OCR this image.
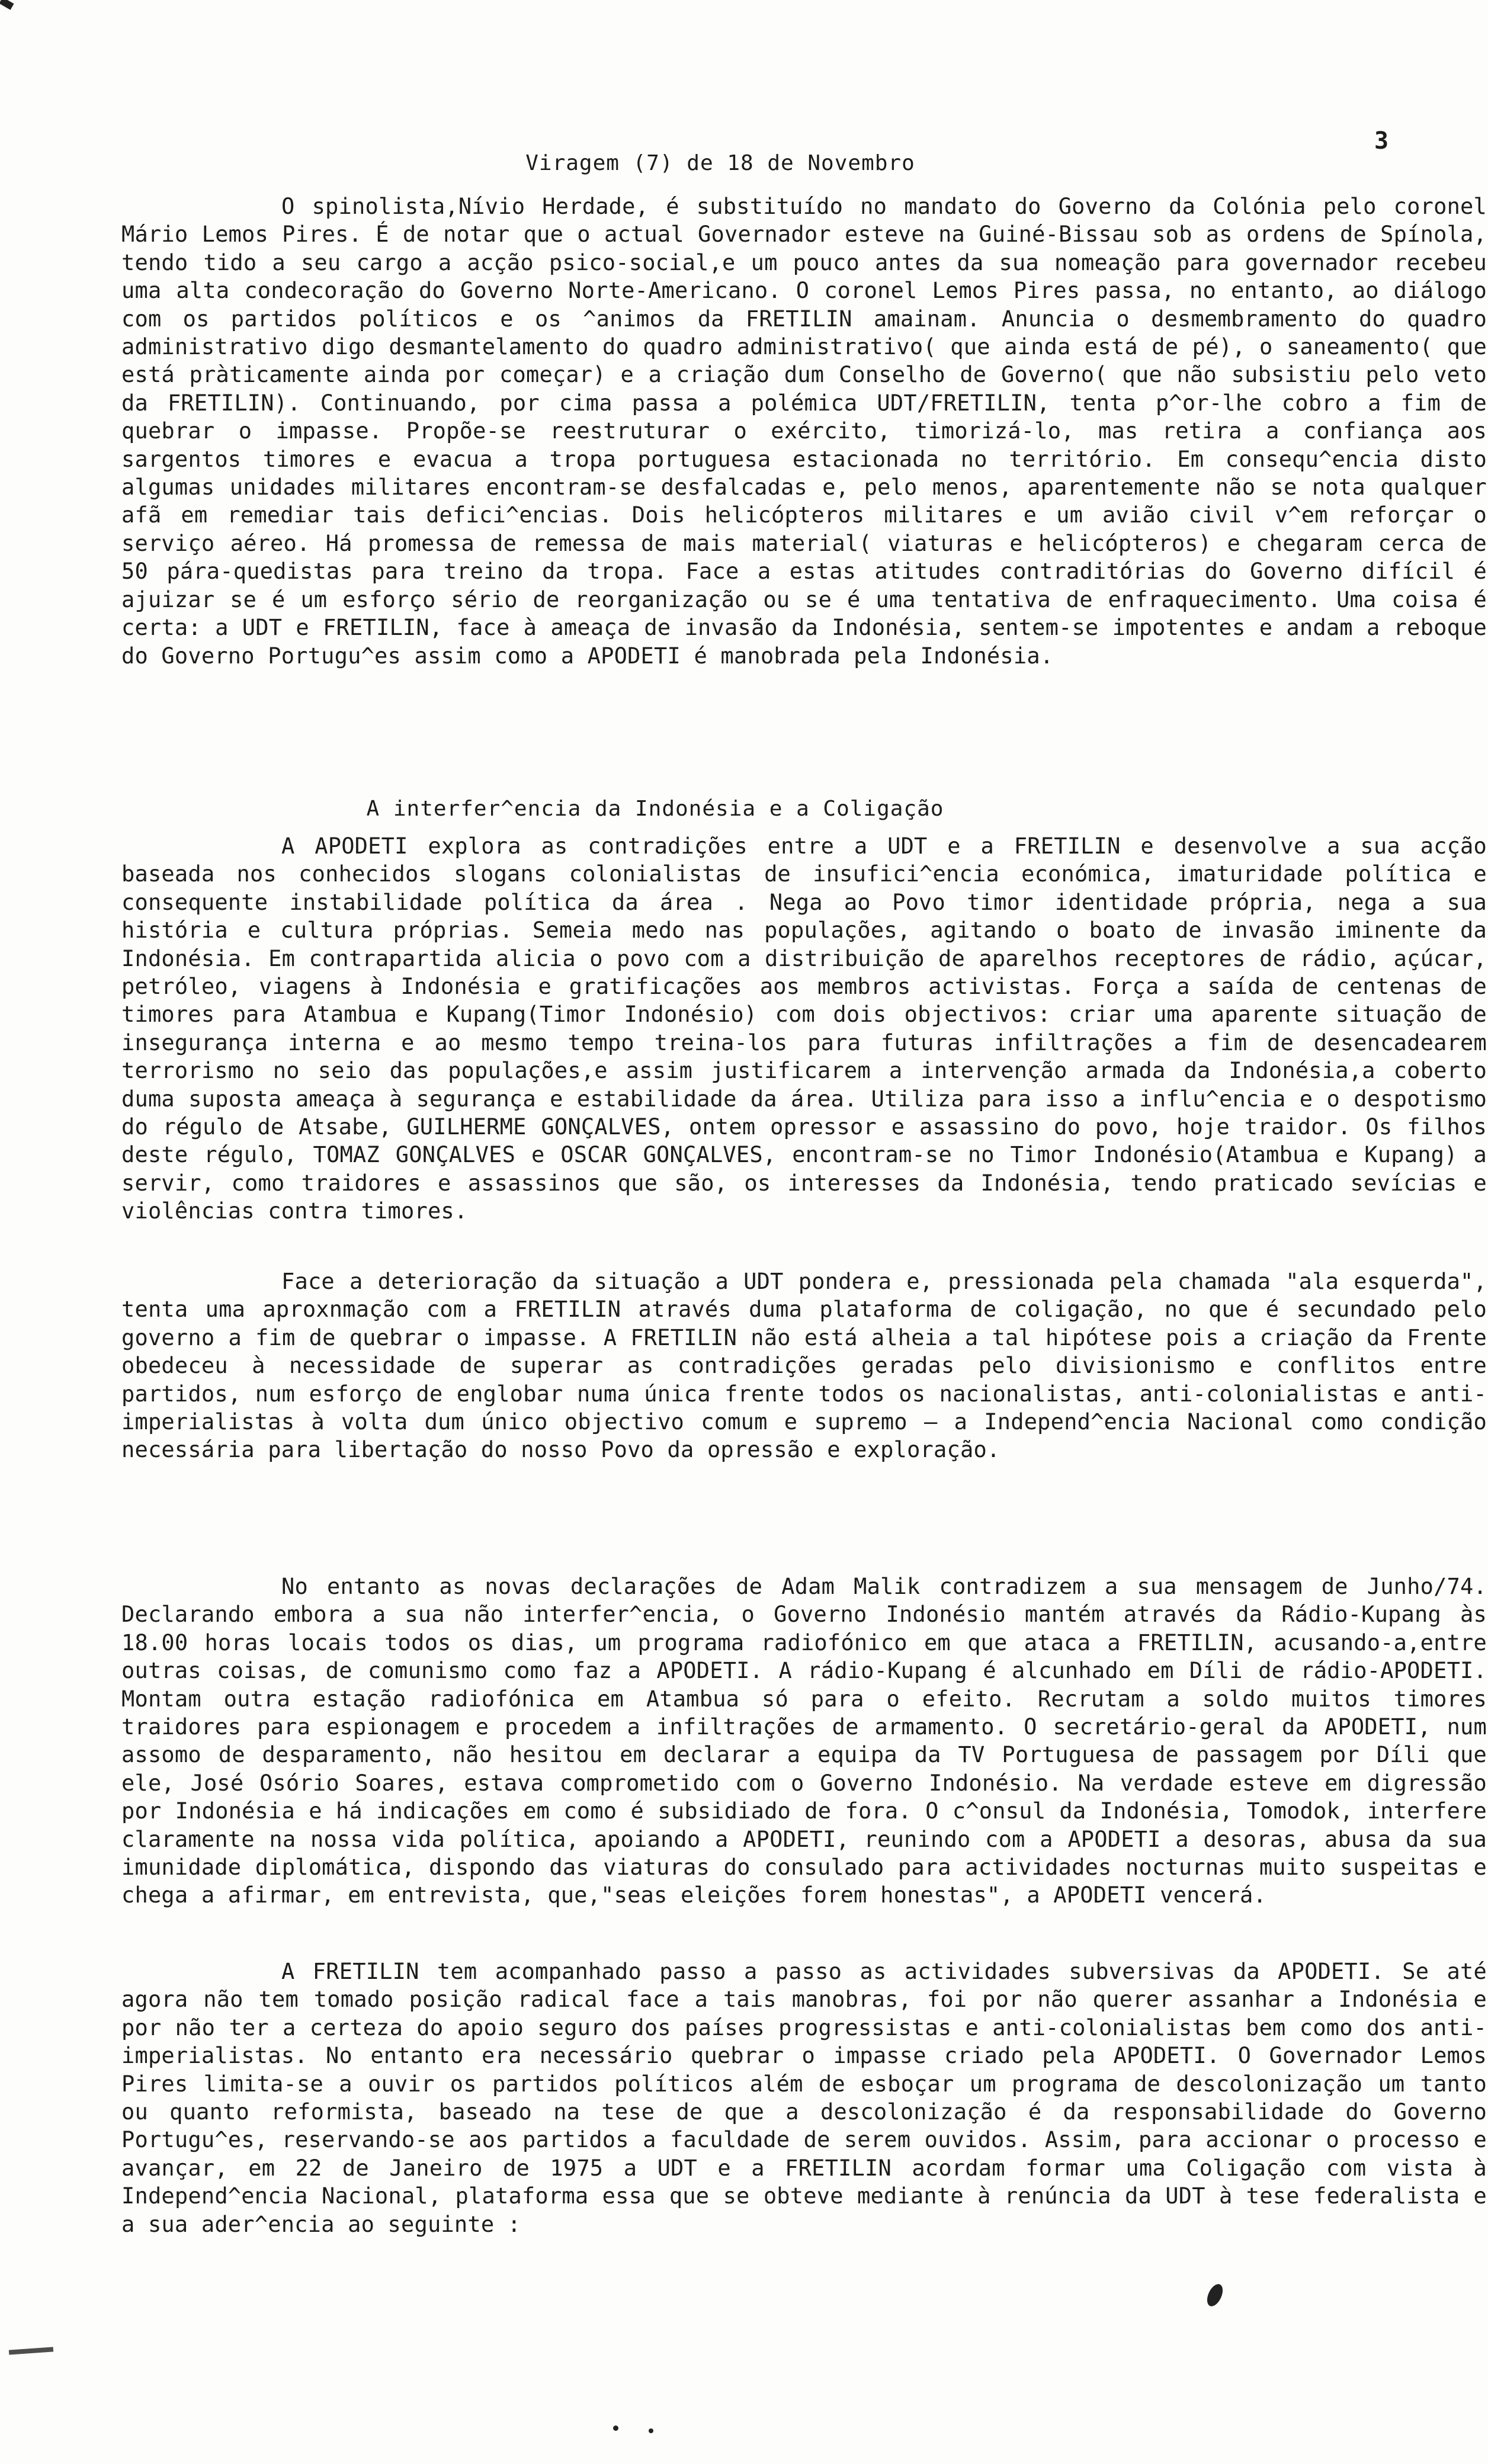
3
Viragem (7) de 18 de Novembro

O spinolista,Nívio Herdade, é substituído no mandato do Governo da Colónia pelo coronel Mário Lemos Pires. É de notar que o actual Governador esteve na Guiné-Bissau sob as ordens de Spínola, tendo tido a seu cargo a acção psico-social,e um pouco antes da sua nomeação para governador recebeu uma alta condecoração do Governo Norte-Americano. O coronel Lemos Pires passa, no entanto, ao diálogo com os partidos políticos e os ^animos da FRETILIN amainam. Anuncia o desmembramento do quadro administrativo digo desmantelamento do quadro administrativo( que ainda está de pé), o saneamento( que está pràticamente ainda por começar) e a criação dum Conselho de Governo( que não subsistiu pelo veto da FRETILIN). Continuando, por cima passa a polémica UDT/FRETILIN, tenta p^or-lhe cobro a fim de quebrar o impasse. Propõe-se reestruturar o exército, timorizá-lo, mas retira a confiança aos sargentos timores e evacua a tropa portuguesa estacionada no território. Em consequ^encia disto algumas unidades militares encontram-se desfalcadas e, pelo menos, aparentemente não se nota qualquer afã em remediar tais defici^encias. Dois helicópteros militares e um avião civil v^em reforçar o serviço aéreo. Há promessa de remessa de mais material( viaturas e helicópteros) e chegaram cerca de 50 pára-quedistas para treino da tropa. Face a estas atitudes contraditórias do Governo difícil é ajuizar se é um esforço sério de reorganização ou se é uma tentativa de enfraquecimento. Uma coisa é certa: a UDT e FRETILIN, face à ameaça de invasão da Indonésia, sentem-se impotentes e andam a reboque do Governo Portugu^es assim como a APODETI é manobrada pela Indonésia.

A interfer^encia da Indonésia e a Coligação

A APODETI explora as contradições entre a UDT e a FRETILIN e desenvolve a sua acção baseada nos conhecidos slogans colonialistas de insufici^encia económica, imaturidade política e consequente instabilidade política da área . Nega ao Povo timor identidade própria, nega a sua história e cultura próprias. Semeia medo nas populações, agitando o boato de invasão iminente da Indonésia. Em contrapartida alicia o povo com a distribuição de aparelhos receptores de rádio, açúcar, petróleo, viagens à Indonésia e gratificações aos membros activistas. Força a saída de centenas de timores para Atambua e Kupang(Timor Indonésio) com dois objectivos: criar uma aparente situação de insegurança interna e ao mesmo tempo treina-los para futuras infiltrações a fim de desencadearem terrorismo no seio das populações,e assim justificarem a intervenção armada da Indonésia,a coberto duma suposta ameaça à segurança e estabilidade da área. Utiliza para isso a influ^encia e o despotismo do régulo de Atsabe, GUILHERME GONÇALVES, ontem opressor e assassino do povo, hoje traidor. Os filhos deste régulo, TOMAZ GONÇALVES e OSCAR GONÇALVES, encontram-se no Timor Indonésio(Atambua e Kupang) a servir, como traidores e assassinos que são, os interesses da Indonésia, tendo praticado sevícias e violências contra timores.

Face a deterioração da situação a UDT pondera e, pressionada pela chamada "ala esquerda", tenta uma aproxnmação com a FRETILIN através duma plataforma de coligação, no que é secundado pelo governo a fim de quebrar o impasse. A FRETILIN não está alheia a tal hipótese pois a criação da Frente obedeceu à necessidade de superar as contradições geradas pelo divisionismo e conflitos entre partidos, num esforço de englobar numa única frente todos os nacionalistas, anti-colonialistas e anti-imperialistas à volta dum único objectivo comum e supremo – a Independ^encia Nacional como condição necessária para libertação do nosso Povo da opressão e exploração.

No entanto as novas declarações de Adam Malik contradizem a sua mensagem de Junho/74. Declarando embora a sua não interfer^encia, o Governo Indonésio mantém através da Rádio-Kupang às 18.00 horas locais todos os dias, um programa radiofónico em que ataca a FRETILIN, acusando-a,entre outras coisas, de comunismo como faz a APODETI. A rádio-Kupang é alcunhado em Díli de rádio-APODETI. Montam outra estação radiofónica em Atambua só para o efeito. Recrutam a soldo muitos timores traidores para espionagem e procedem a infiltrações de armamento. O secretário-geral da APODETI, num assomo de desparamento, não hesitou em declarar a equipa da TV Portuguesa de passagem por Díli que ele, José Osório Soares, estava comprometido com o Governo Indonésio. Na verdade esteve em digressão por Indonésia e há indicações em como é subsidiado de fora. O c^onsul da Indonésia, Tomodok, interfere claramente na nossa vida política, apoiando a APODETI, reunindo com a APODETI a desoras, abusa da sua imunidade diplomática, dispondo das viaturas do consulado para actividades nocturnas muito suspeitas e chega a afirmar, em entrevista, que,"seas eleições forem honestas", a APODETI vencerá.

A FRETILIN tem acompanhado passo a passo as actividades subversivas da APODETI. Se até agora não tem tomado posição radical face a tais manobras, foi por não querer assanhar a Indonésia e por não ter a certeza do apoio seguro dos países progressistas e anti-colonialistas bem como dos anti-imperialistas. No entanto era necessário quebrar o impasse criado pela APODETI. O Governador Lemos Pires limita-se a ouvir os partidos políticos além de esboçar um programa de descolonização um tanto ou quanto reformista, baseado na tese de que a descolonização é da responsabilidade do Governo Portugu^es, reservando-se aos partidos a faculdade de serem ouvidos. Assim, para accionar o processo e avançar, em 22 de Janeiro de 1975 a UDT e a FRETILIN acordam formar uma Coligação com vista à Independ^encia Nacional, plataforma essa que se obteve mediante à renúncia da UDT à tese federalista e a sua ader^encia ao seguinte :
